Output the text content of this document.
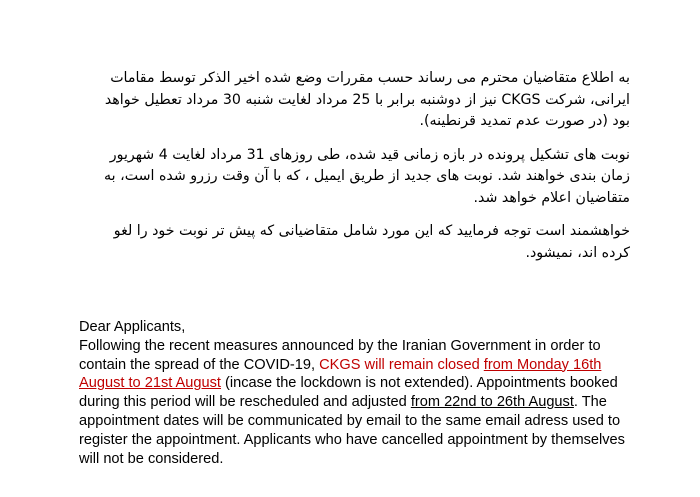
به اطلاع متقاضیان محترم می رساند حسب مقررات وضع شده اخیر الذکر توسط مقامات ایرانی، شرکت CKGS نیز از دوشنبه برابر با 25 مرداد لغایت شنبه 30 مرداد تعطیل خواهد بود (در صورت عدم تمدید قرنطینه).

نوبت های تشکیل پرونده در بازه زمانی قید شده، طی روزهای 31 مرداد لغایت 4 شهریور زمان بندی خواهند شد. نوبت های جدید از طریق ایمیل ، که با آن وقت رزرو شده است، به متقاضیان اعلام خواهد شد.

خواهشمند است توجه فرمایید که این مورد شامل متقاضیانی که پیش تر نوبت خود را لغو کرده اند، نمیشود.

Dear Applicants,

Following the recent measures announced by the Iranian Government in order to contain the spread of the COVID-19, CKGS will remain closed from Monday 16th August to 21st August (incase the lockdown is not extended). Appointments booked during this period will be rescheduled and adjusted from 22nd to 26th August. The appointment dates will be communicated by email to the same email adress used to register the appointment. Applicants who have cancelled appointment by themselves will not be considered.
